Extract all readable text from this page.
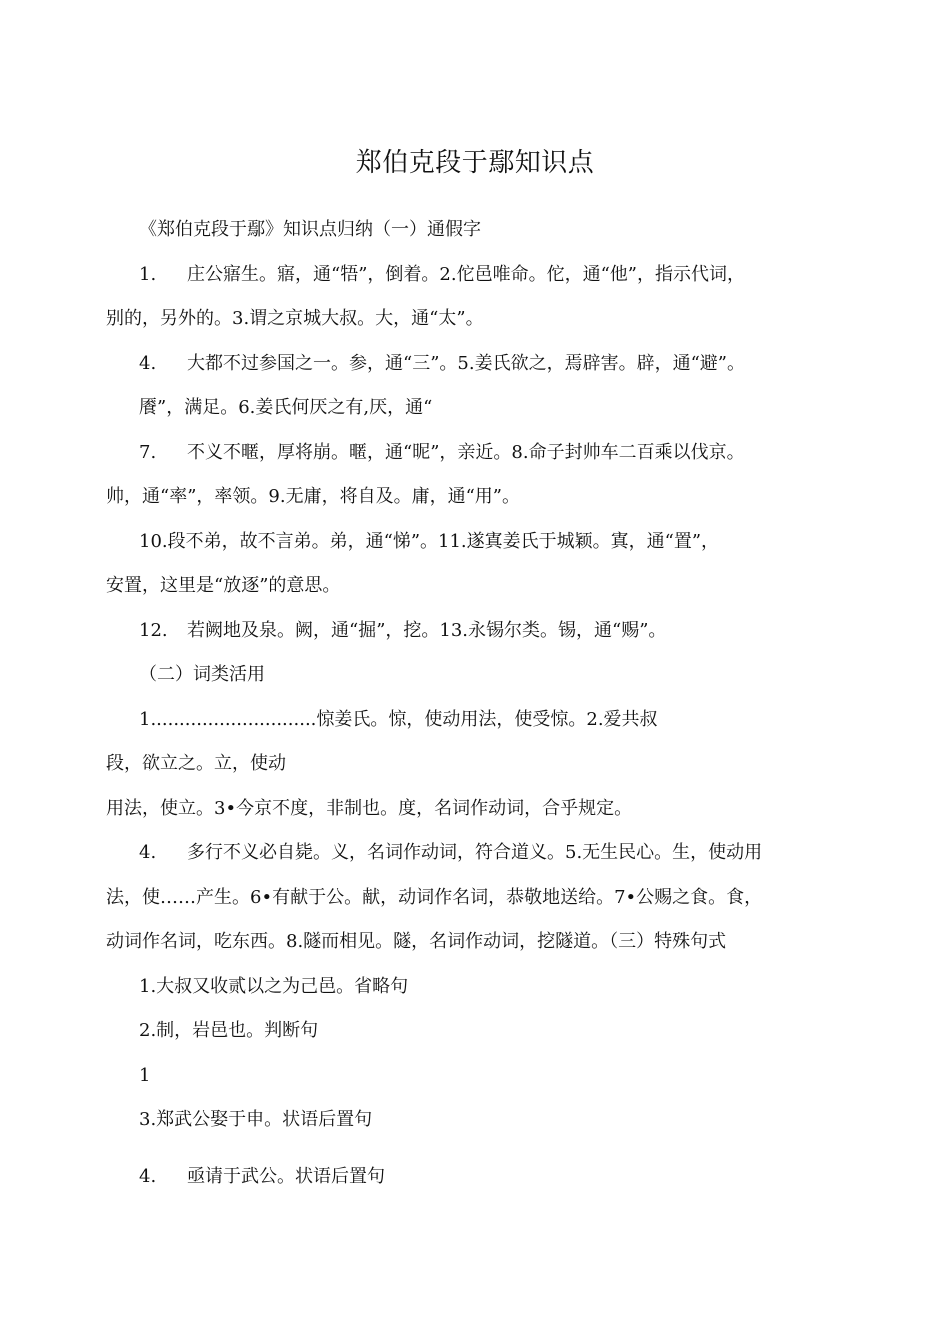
郑伯克段于鄢知识点
《郑伯克段于鄢》知识点归纳（一）通假字
1. 庄公寤生。寤，通“牾”，倒着。2.佗邑唯命。佗，通“他”，指示代词，
别的，另外的。3.谓之京城大叔。大，通“太”。
4. 大都不过参国之一。参，通“三”。5.姜氏欲之，焉辟害。辟，通“避”。
餍”，满足。6.姜氏何厌之有,厌，通“
7. 不义不暱，厚将崩。暱，通“昵”，亲近。8.命子封帅车二百乘以伐京。
帅，通“率”，率领。9.无庸，将自及。庸，通“用”。
10.段不弟，故不言弟。弟，通“悌”。11.遂寘姜氏于城颖。寘，通“置”，
安置，这里是“放逐”的意思。
12. 若阙地及泉。阙，通“掘”，挖。13.永锡尔类。锡，通“赐”。
（二）词类活用
1.............................惊姜氏。惊，使动用法，使受惊。2.爱共叔
段，欲立之。立，使动
用法，使立。3•今京不度，非制也。度，名词作动词，合乎规定。
4. 多行不义必自毙。义，名词作动词，符合道义。5.无生民心。生，使动用
法，使……产生。6•有献于公。献，动词作名词，恭敬地送给。7•公赐之食。食，
动词作名词，吃东西。8.隧而相见。隧，名词作动词，挖隧道。（三）特殊句式
1.大叔又收贰以之为己邑。省略句
2.制，岩邑也。判断句
1
3.郑武公娶于申。状语后置句
4. 亟请于武公。状语后置句
